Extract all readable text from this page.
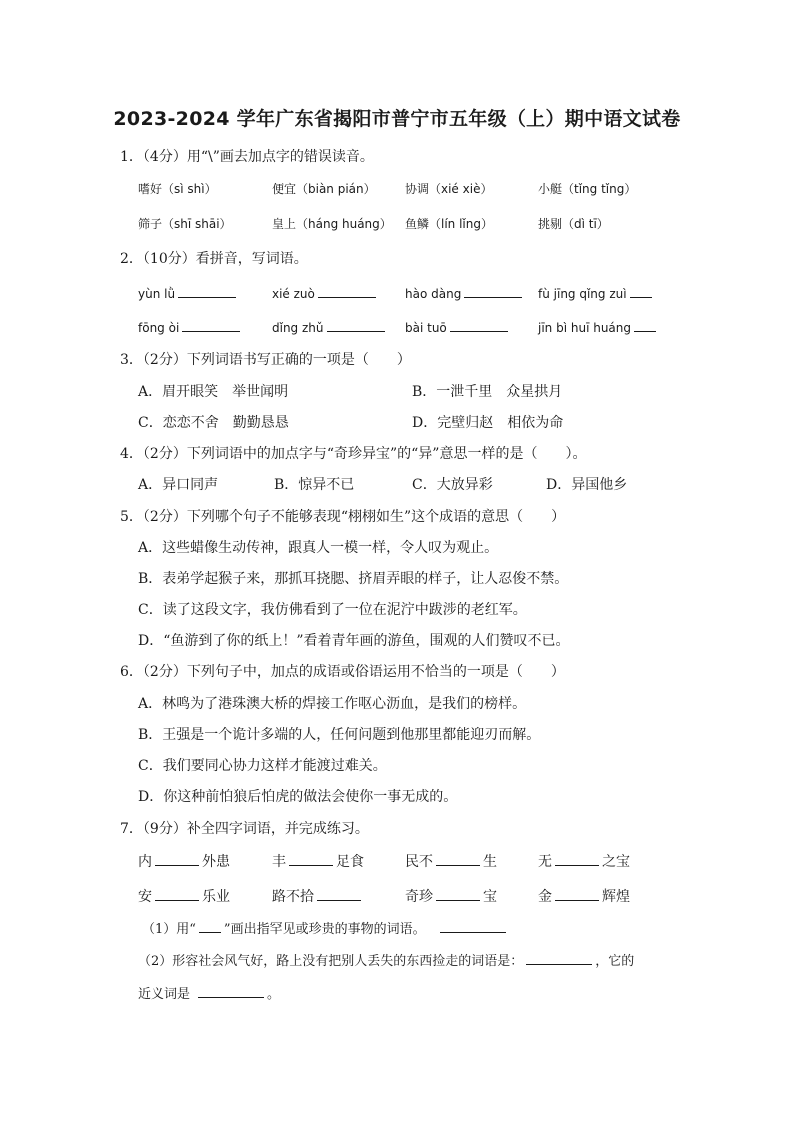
2023-2024 学年广东省揭阳市普宁市五年级（上）期中语文试卷
1．（4分）用“\”画去加点字的错误读音。
嗜好（sì shì）	便宜（biàn pián） 协调（xié xiè）	小艇（tǐng tǐng）
筛子（shī shāi）	皇上（háng huáng） 鱼鳞（lín lǐng）	挑剔（dì tī）
2．（10分）看拼音，写词语。
yùn lǜ	xié zuò	hào dàng	fù jīng qǐng zuì
fōng òi	dǐng zhǔ	bài tuō	jīn bì huī huáng
3．（2分）下列词语书写正确的一项是（　　）
A．眉开眼笑　举世闻明	B．一泄千里　众星拱月
C．恋恋不舍　勤勤恳恳	D．完壁归赵　相依为命
4．（2分）下列词语中的加点字与“奇珍异宝”的“异”意思一样的是（　　）。
A．异口同声	B．惊异不已	C．大放异彩	D．异国他乡
5．（2分）下列哪个句子不能够表现“栩栩如生”这个成语的意思（　　）
A．这些蜡像生动传神，跟真人一模一样，令人叹为观止。
B．表弟学起猴子来，那抓耳挠腮、挤眉弄眼的样子，让人忍俊不禁。
C．读了这段文字，我仿佛看到了一位在泥泞中跋涉的老红军。
D．“鱼游到了你的纸上！”看着青年画的游鱼，围观的人们赞叹不已。
6．（2分）下列句子中，加点的成语或俗语运用不恰当的一项是（　　）
A．林鸣为了港珠澳大桥的焊接工作呕心沥血，是我们的榜样。
B．王强是一个诡计多端的人，任何问题到他那里都能迎刃而解。
C．我们要同心协力这样才能渡过难关。
D．你这种前怕狼后怕虎的做法会使你一事无成的。
7．（9分）补全四字词语，并完成练习。
内	外患	丰	足食	民不	生	无	之宝
安	乐业	路不拾	奇珍	宝	金	辉煌
（1）用“ ”画出指罕见或珍贵的事物的词语。
（2）形容社会风气好，路上没有把别人丢失的东西捡走的词语是：	，它的
近义词是	。
